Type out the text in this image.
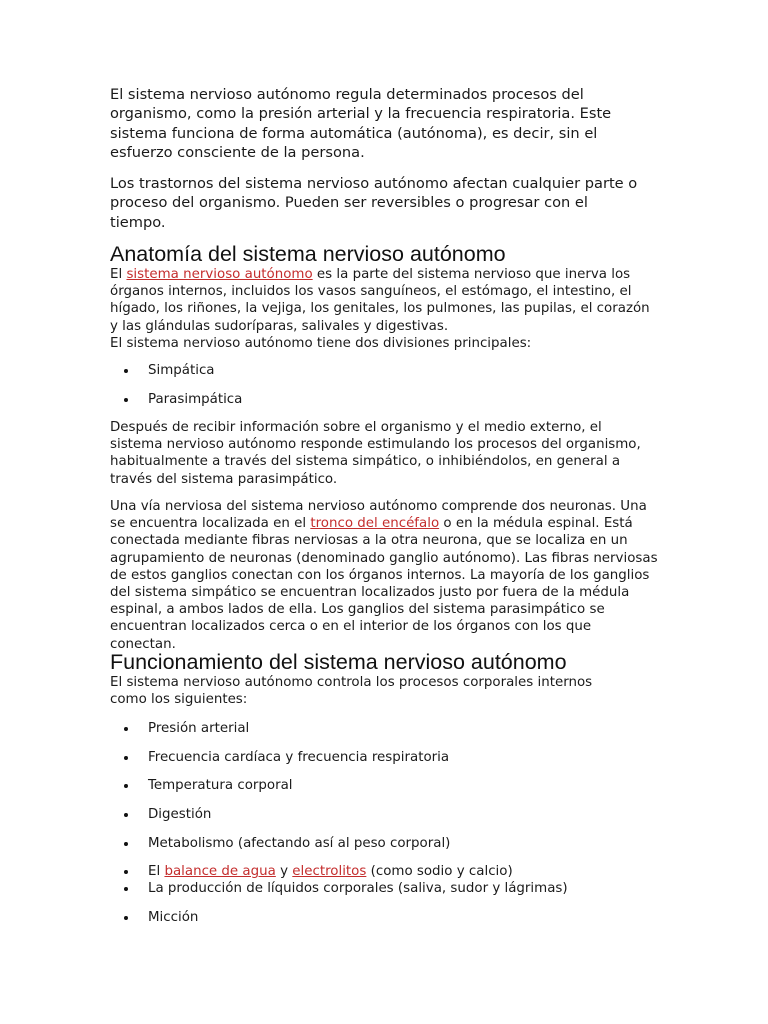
El sistema nervioso autónomo regula determinados procesos del organismo, como la presión arterial y la frecuencia respiratoria. Este sistema funciona de forma automática (autónoma), es decir, sin el esfuerzo consciente de la persona.

Los trastornos del sistema nervioso autónomo afectan cualquier parte o proceso del organismo. Pueden ser reversibles o progresar con el tiempo.

Anatomía del sistema nervioso autónomo

El sistema nervioso autónomo es la parte del sistema nervioso que inerva los órganos internos, incluidos los vasos sanguíneos, el estómago, el intestino, el hígado, los riñones, la vejiga, los genitales, los pulmones, las pupilas, el corazón y las glándulas sudoríparas, salivales y digestivas.

El sistema nervioso autónomo tiene dos divisiones principales:

Simpática
Parasimpática

Después de recibir información sobre el organismo y el medio externo, el sistema nervioso autónomo responde estimulando los procesos del organismo, habitualmente a través del sistema simpático, o inhibiéndolos, en general a través del sistema parasimpático.

Una vía nerviosa del sistema nervioso autónomo comprende dos neuronas. Una se encuentra localizada en el tronco del encéfalo o en la médula espinal. Está conectada mediante fibras nerviosas a la otra neurona, que se localiza en un agrupamiento de neuronas (denominado ganglio autónomo). Las fibras nerviosas de estos ganglios conectan con los órganos internos. La mayoría de los ganglios del sistema simpático se encuentran localizados justo por fuera de la médula espinal, a ambos lados de ella. Los ganglios del sistema parasimpático se encuentran localizados cerca o en el interior de los órganos con los que conectan.

Funcionamiento del sistema nervioso autónomo

El sistema nervioso autónomo controla los procesos corporales internos como los siguientes:

Presión arterial
Frecuencia cardíaca y frecuencia respiratoria
Temperatura corporal
Digestión
Metabolismo (afectando así al peso corporal)
El balance de agua y electrolitos (como sodio y calcio)
La producción de líquidos corporales (saliva, sudor y lágrimas)
Micción
